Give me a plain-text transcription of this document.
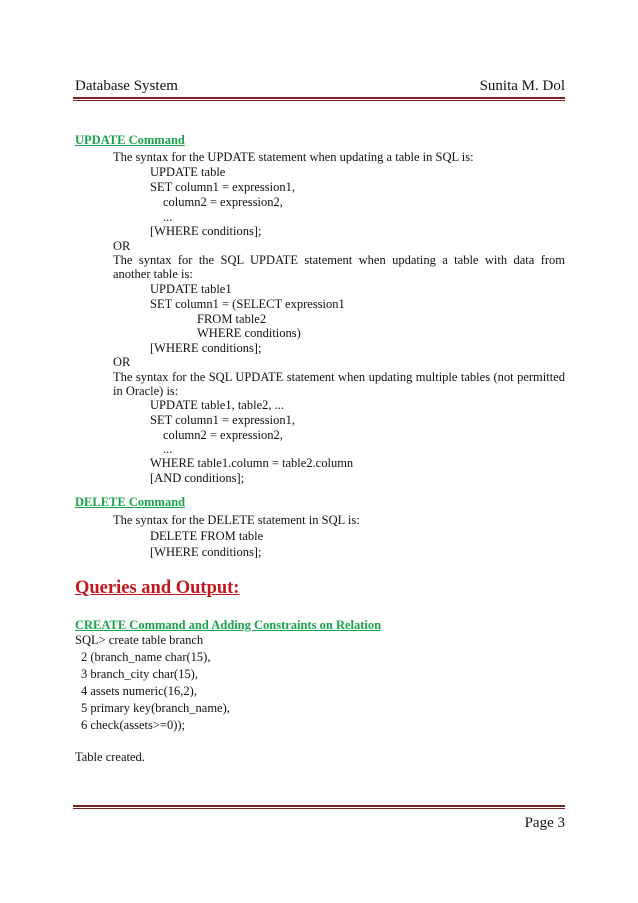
Database System	Sunita M. Dol
UPDATE Command
The syntax for the UPDATE statement when updating a table in SQL is:
UPDATE table
SET column1 = expression1,
column2 = expression2,
...
[WHERE conditions];
OR
The syntax for the SQL UPDATE statement when updating a table with data from
another table is:
UPDATE table1
SET column1 = (SELECT expression1
FROM table2
WHERE conditions)
[WHERE conditions];
OR
The syntax for the SQL UPDATE statement when updating multiple tables (not permitted
in Oracle) is:
UPDATE table1, table2, ...
SET column1 = expression1,
column2 = expression2,
...
WHERE table1.column = table2.column
[AND conditions];
DELETE Command
The syntax for the DELETE statement in SQL is:
DELETE FROM table
[WHERE conditions];
Queries and Output:
CREATE Command and Adding Constraints on Relation
SQL> create table branch
2 (branch_name char(15),
3 branch_city char(15),
4 assets numeric(16,2),
5 primary key(branch_name),
6 check(assets>=0));
Table created.
Page 3
